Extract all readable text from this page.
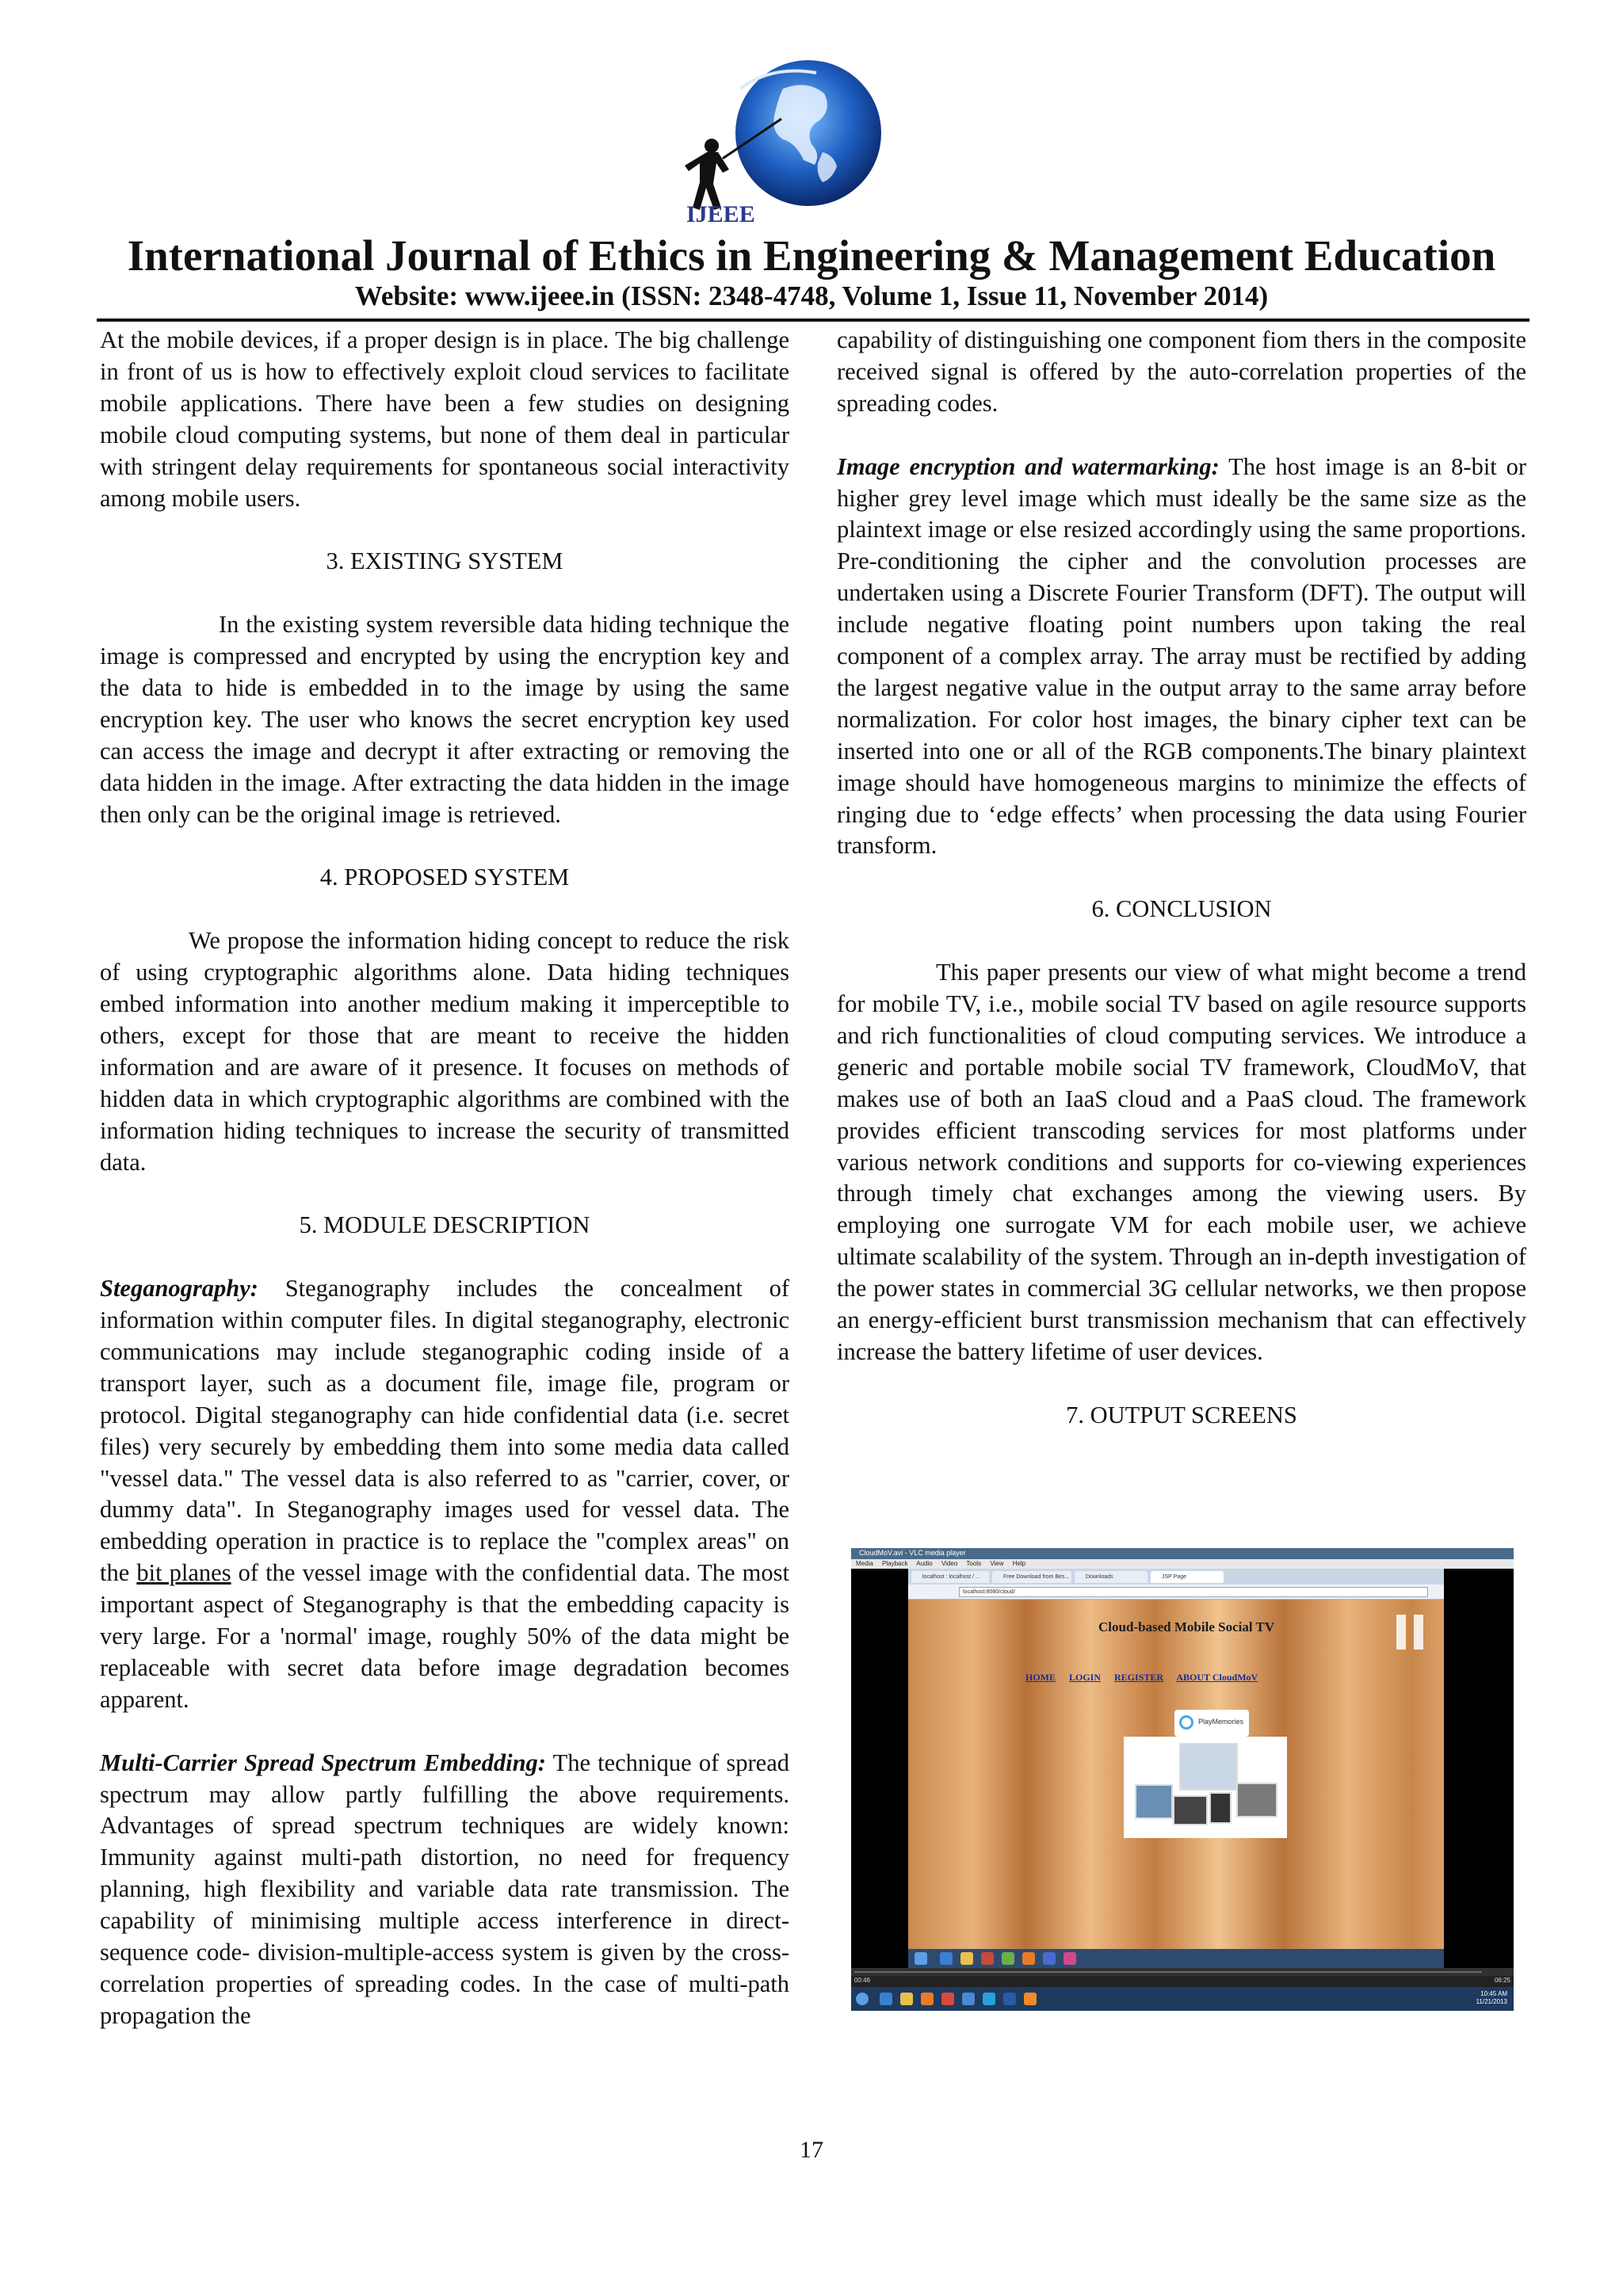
IJEEE
International Journal of Ethics in Engineering & Management Education
Website: www.ijeee.in (ISSN: 2348-4748, Volume 1, Issue 11, November 2014)

At the mobile devices, if a proper design is in place. The big challenge in front of us is how to effectively exploit cloud services to facilitate mobile applications. There have been a few studies on designing mobile cloud computing systems, but none of them deal in particular with stringent delay requirements for spontaneous social interactivity among mobile users.

3. EXISTING SYSTEM

In the existing system reversible data hiding technique the image is compressed and encrypted by using the encryption key and the data to hide is embedded in to the image by using the same encryption key. The user who knows the secret encryption key used can access the image and decrypt it after extracting or removing the data hidden in the image. After extracting the data hidden in the image then only can be the original image is retrieved.

4. PROPOSED SYSTEM

We propose the information hiding concept to reduce the risk of using cryptographic algorithms alone. Data hiding techniques embed information into another medium making it imperceptible to others, except for those that are meant to receive the hidden information and are aware of it presence. It focuses on methods of hidden data in which cryptographic algorithms are combined with the information hiding techniques to increase the security of transmitted data.

5. MODULE DESCRIPTION

Steganography: Steganography includes the concealment of information within computer files. In digital steganography, electronic communications may include steganographic coding inside of a transport layer, such as a document file, image file, program or protocol. Digital steganography can hide confidential data (i.e. secret files) very securely by embedding them into some media data called "vessel data." The vessel data is also referred to as "carrier, cover, or dummy data". In Steganography images used for vessel data. The embedding operation in practice is to replace the "complex areas" on the bit planes of the vessel image with the confidential data. The most important aspect of Steganography is that the embedding capacity is very large. For a 'normal' image, roughly 50% of the data might be replaceable with secret data before image degradation becomes apparent.

Multi-Carrier Spread Spectrum Embedding: The technique of spread spectrum may allow partly fulfilling the above requirements. Advantages of spread spectrum techniques are widely known: Immunity against multi-path distortion, no need for frequency planning, high flexibility and variable data rate transmission. The capability of minimising multiple access interference in direct-sequence code- division-multiple-access system is given by the cross-correlation properties of spreading codes. In the case of multi-path propagation the

capability of distinguishing one component fiom thers in the composite received signal is offered by the auto-correlation properties of the spreading codes.

Image encryption and watermarking: The host image is an 8-bit or higher grey level image which must ideally be the same size as the plaintext image or else resized accordingly using the same proportions. Pre-conditioning the cipher and the convolution processes are undertaken using a Discrete Fourier Transform (DFT). The output will include negative floating point numbers upon taking the real component of a complex array. The array must be rectified by adding the largest negative value in the output array to the same array before normalization. For color host images, the binary cipher text can be inserted into one or all of the RGB components.The binary plaintext image should have homogeneous margins to minimize the effects of ringing due to ‘edge effects’ when processing the data using Fourier transform.

6. CONCLUSION

This paper presents our view of what might become a trend for mobile TV, i.e., mobile social TV based on agile resource supports and rich functionalities of cloud computing services. We introduce a generic and portable mobile social TV framework, CloudMoV, that makes use of both an IaaS cloud and a PaaS cloud. The framework provides efficient transcoding services for most platforms under various network conditions and supports for co-viewing experiences through timely chat exchanges among the viewing users. By employing one surrogate VM for each mobile user, we achieve ultimate scalability of the system. Through an in-depth investigation of the power states in commercial 3G cellular networks, we then propose an energy-efficient burst transmission mechanism that can effectively increase the battery lifetime of user devices.

7. OUTPUT SCREENS
CloudMoV.avi - VLC media player
Media Playback Audio Video Tools View Help
localhost : localhost / ...	Free Download from Bes...	Downloads	JSP Page
localhost:8080/cloud/
Cloud-based Mobile Social TV
HOME LOGIN REGISTER ABOUT CloudMoV
PlayMemories
00:46	06:25
10:45 AM
11/21/2013
17
